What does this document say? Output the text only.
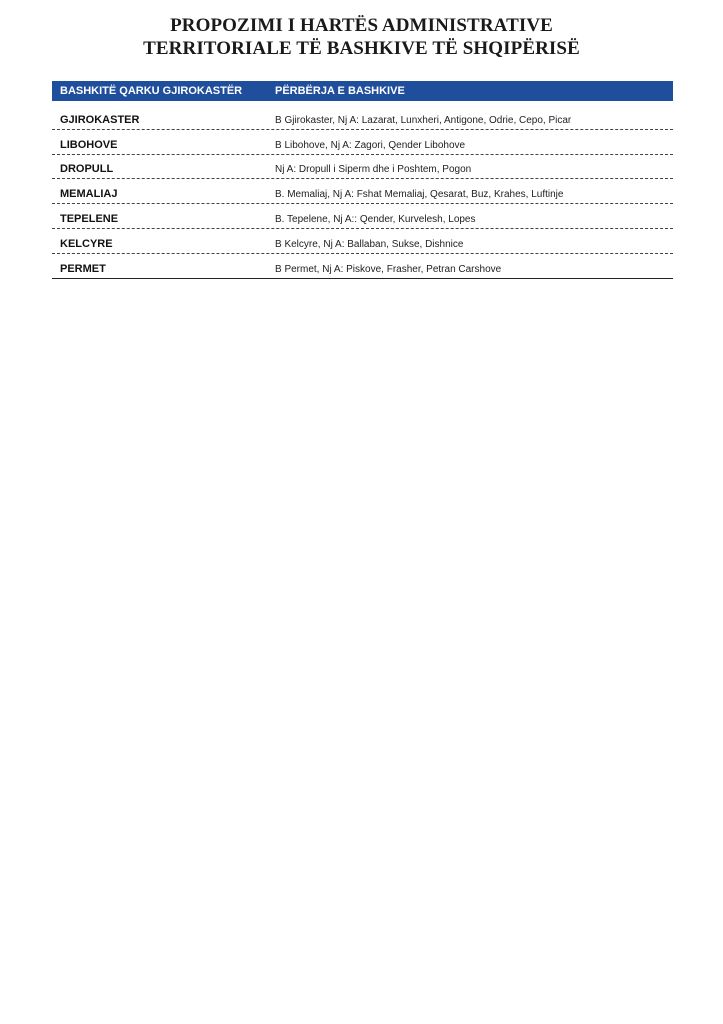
PROPOZIMI I HARTËS ADMINISTRATIVE
TERRITORIALE TË BASHKIVE TË SHQIPËRISË
BASHKITË QARKU GJIROKASTËR	PËRBËRJA E BASHKIVE
GJIROKASTER	B Gjirokaster, Nj A: Lazarat, Lunxheri, Antigone, Odrie, Cepo, Picar
LIBOHOVE	B Libohove, Nj A: Zagori, Qender Libohove
DROPULL	Nj A: Dropull i Siperm dhe i Poshtem, Pogon
MEMALIAJ	B. Memaliaj, Nj A: Fshat Memaliaj, Qesarat, Buz, Krahes, Luftinje
TEPELENE	B. Tepelene, Nj A:: Qender, Kurvelesh, Lopes
KELCYRE	B Kelcyre, Nj A: Ballaban, Sukse, Dishnice
PERMET	B Permet, Nj A: Piskove, Frasher, Petran Carshove
